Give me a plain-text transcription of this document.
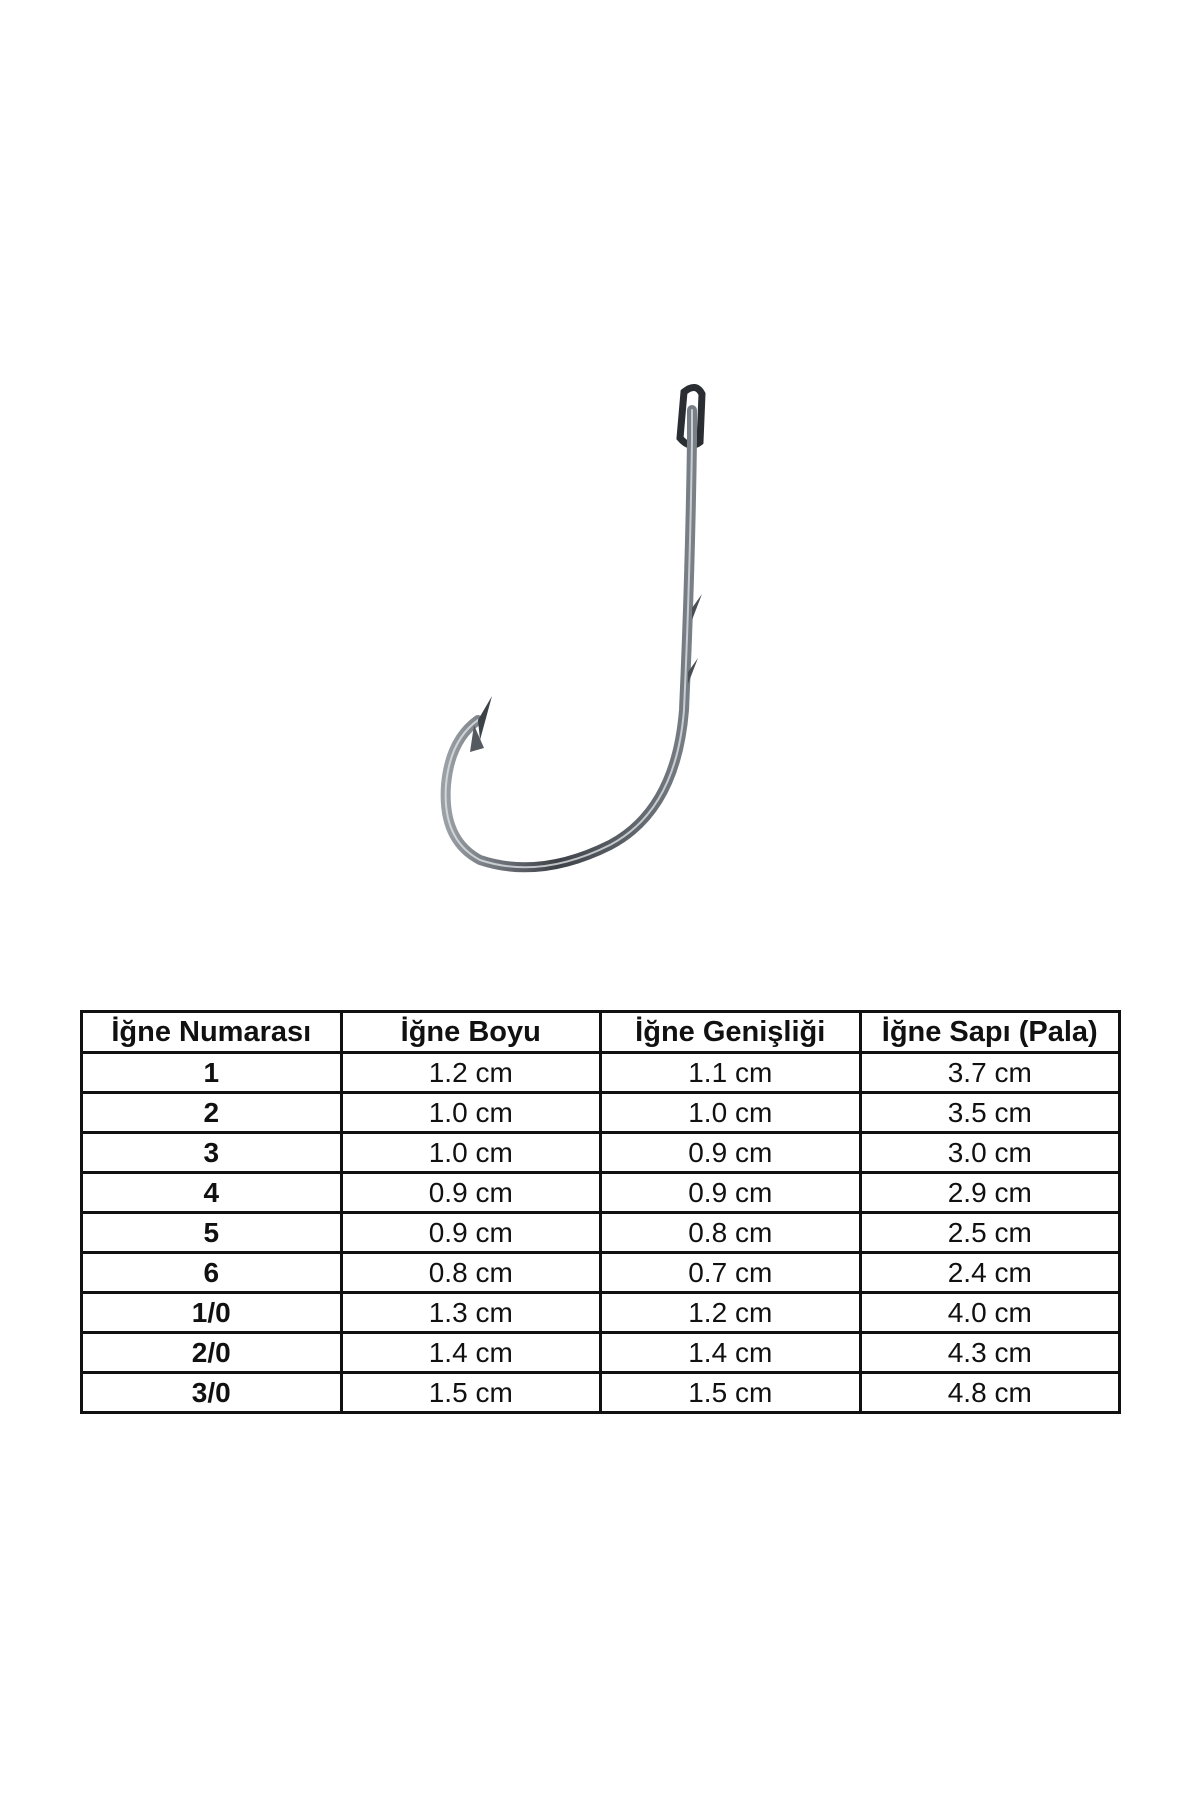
İğne Numarası	İğne Boyu	İğne Genişliği	İğne Sapı (Pala)
1	1.2 cm	1.1 cm	3.7 cm
2	1.0 cm	1.0 cm	3.5 cm
3	1.0 cm	0.9 cm	3.0 cm
4	0.9 cm	0.9 cm	2.9 cm
5	0.9 cm	0.8 cm	2.5 cm
6	0.8 cm	0.7 cm	2.4 cm
1/0	1.3 cm	1.2 cm	4.0 cm
2/0	1.4 cm	1.4 cm	4.3 cm
3/0	1.5 cm	1.5 cm	4.8 cm
